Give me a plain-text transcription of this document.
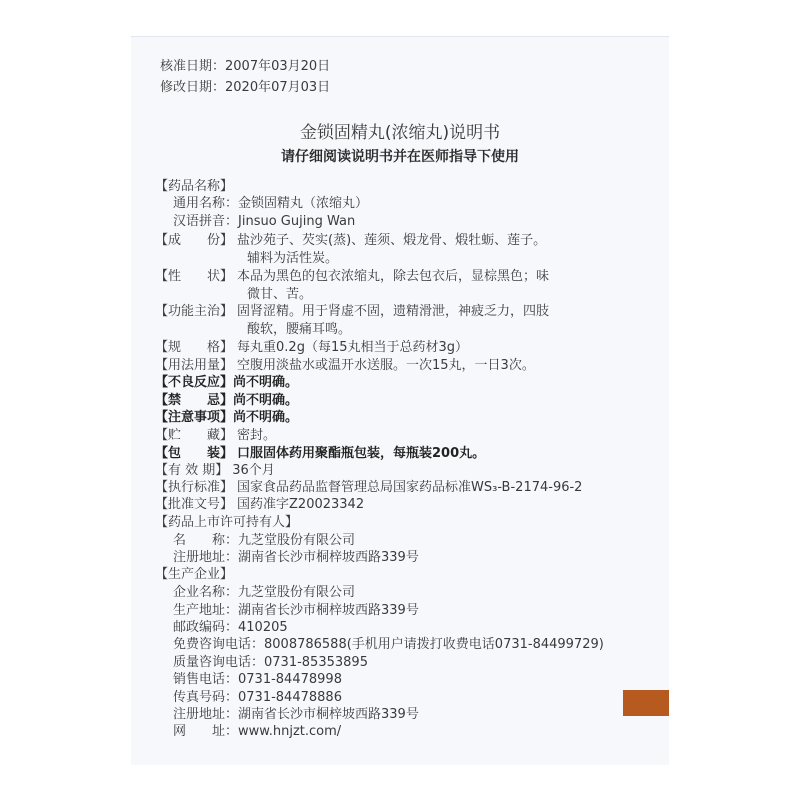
核准日期：2007年03月20日
修改日期：2020年07月03日
金锁固精丸(浓缩丸)说明书
请仔细阅读说明书并在医师指导下使用
【药品名称】
通用名称：金锁固精丸（浓缩丸）
汉语拼音：Jinsuo Gujing Wan
【成　　份】 盐沙苑子、芡实(蒸)、莲须、煅龙骨、煅牡蛎、莲子。
辅料为活性炭。
【性　　状】 本品为黑色的包衣浓缩丸，除去包衣后，显棕黑色；味
微甘、苦。
【功能主治】 固肾涩精。用于肾虚不固，遗精滑泄，神疲乏力，四肢
酸软，腰痛耳鸣。
【规　　格】 每丸重0.2g（每15丸相当于总药材3g）
【用法用量】 空腹用淡盐水或温开水送服。一次15丸，一日3次。
【不良反应】尚不明确。
【禁　　忌】尚不明确。
【注意事项】尚不明确。
【贮　　藏】 密封。
【包　　装】 口服固体药用聚酯瓶包装，每瓶装200丸。
【有 效 期】 36个月
【执行标准】 国家食品药品监督管理总局国家药品标准WS₃-B-2174-96-2
【批准文号】 国药准字Z20023342
【药品上市许可持有人】
名　　称：九芝堂股份有限公司
注册地址：湖南省长沙市桐梓坡西路339号
【生产企业】
企业名称：九芝堂股份有限公司
生产地址：湖南省长沙市桐梓坡西路339号
邮政编码：410205
免费咨询电话：8008786588(手机用户请拨打收费电话0731-84499729)
质量咨询电话：0731-85353895
销售电话：0731-84478998
传真号码：0731-84478886
注册地址：湖南省长沙市桐梓坡西路339号
网　　址：www.hnjzt.com/
